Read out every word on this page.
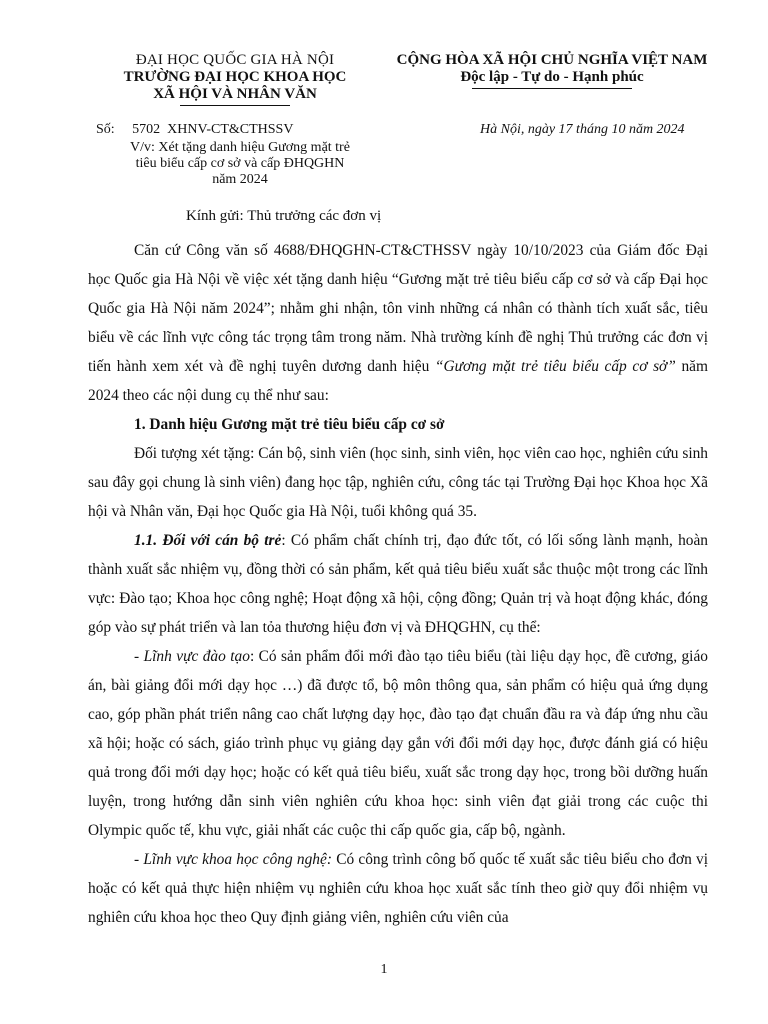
ĐẠI HỌC QUỐC GIA HÀ NỘI
TRƯỜNG ĐẠI HỌC KHOA HỌC
XÃ HỘI VÀ NHÂN VĂN
CỘNG HÒA XÃ HỘI CHỦ NGHĨA VIỆT NAM
Độc lập - Tự do - Hạnh phúc
Số:     5702  XHNV-CT&CTHSSV
V/v: Xét tặng danh hiệu Gương mặt trẻ
tiêu biểu cấp cơ sở và cấp ĐHQGHN
năm 2024
Hà Nội, ngày 17 tháng 10 năm 2024
Kính gửi: Thủ trưởng các đơn vị

Căn cứ Công văn số 4688/ĐHQGHN-CT&CTHSSV ngày 10/10/2023 của Giám đốc Đại học Quốc gia Hà Nội về việc xét tặng danh hiệu “Gương mặt trẻ tiêu biểu cấp cơ sở và cấp Đại học Quốc gia Hà Nội năm 2024”; nhằm ghi nhận, tôn vinh những cá nhân có thành tích xuất sắc, tiêu biểu về các lĩnh vực công tác trọng tâm trong năm. Nhà trường kính đề nghị Thủ trưởng các đơn vị tiến hành xem xét và đề nghị tuyên dương danh hiệu “Gương mặt trẻ tiêu biểu cấp cơ sở” năm 2024 theo các nội dung cụ thể như sau:

1. Danh hiệu Gương mặt trẻ tiêu biểu cấp cơ sở

Đối tượng xét tặng: Cán bộ, sinh viên (học sinh, sinh viên, học viên cao học, nghiên cứu sinh sau đây gọi chung là sinh viên) đang học tập, nghiên cứu, công tác tại Trường Đại học Khoa học Xã hội và Nhân văn, Đại học Quốc gia Hà Nội, tuổi không quá 35.

1.1. Đối với cán bộ trẻ: Có phẩm chất chính trị, đạo đức tốt, có lối sống lành mạnh, hoàn thành xuất sắc nhiệm vụ, đồng thời có sản phẩm, kết quả tiêu biểu xuất sắc thuộc một trong các lĩnh vực: Đào tạo; Khoa học công nghệ; Hoạt động xã hội, cộng đồng; Quản trị và hoạt động khác, đóng góp vào sự phát triển và lan tỏa thương hiệu đơn vị và ĐHQGHN, cụ thể:

- Lĩnh vực đào tạo: Có sản phẩm đổi mới đào tạo tiêu biểu (tài liệu dạy học, đề cương, giáo án, bài giảng đổi mới dạy học …) đã được tổ, bộ môn thông qua, sản phẩm có hiệu quả ứng dụng cao, góp phần phát triển nâng cao chất lượng dạy học, đào tạo đạt chuẩn đầu ra và đáp ứng nhu cầu xã hội; hoặc có sách, giáo trình phục vụ giảng dạy gắn với đổi mới dạy học, được đánh giá có hiệu quả trong đổi mới dạy học; hoặc có kết quả tiêu biểu, xuất sắc trong dạy học, trong bồi dưỡng huấn luyện, trong hướng dẫn sinh viên nghiên cứu khoa học: sinh viên đạt giải trong các cuộc thi Olympic quốc tế, khu vực, giải nhất các cuộc thi cấp quốc gia, cấp bộ, ngành.

- Lĩnh vực khoa học công nghệ: Có công trình công bố quốc tế xuất sắc tiêu biểu cho đơn vị hoặc có kết quả thực hiện nhiệm vụ nghiên cứu khoa học xuất sắc tính theo giờ quy đổi nhiệm vụ nghiên cứu khoa học theo Quy định giảng viên, nghiên cứu viên của

1
